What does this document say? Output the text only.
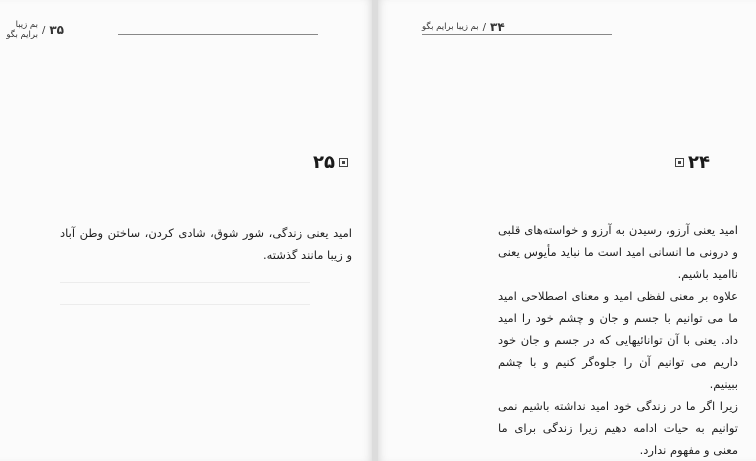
۳۵
/
بم زیبا برایم بگو
۲۵

امید یعنی زندگی، شور شوق، شادی کردن، ساختن وطن آباد و زیبا مانند گذشته.

۳۴
/
بم زیبا برایم بگو
۲۴

امید یعنی آرزو، رسیدن به آرزو و خواسته‌های قلبی و درونی ما انسانی امید است ما نباید مأیوس یعنی ناامید باشیم.

علاوه بر معنی لفظی امید و معنای اصطلاحی امید ما می توانیم با جسم و جان و چشم خود را امید داد. یعنی با آن توانائیهایی که در جسم و جان خود داریم می توانیم آن را جلوه‌گر کنیم و با چشم ببینیم.

زیرا اگر ما در زندگی خود امید نداشته باشیم نمی توانیم به حیات ادامه دهیم زیرا زندگی برای ما معنی و مفهوم ندارد.
